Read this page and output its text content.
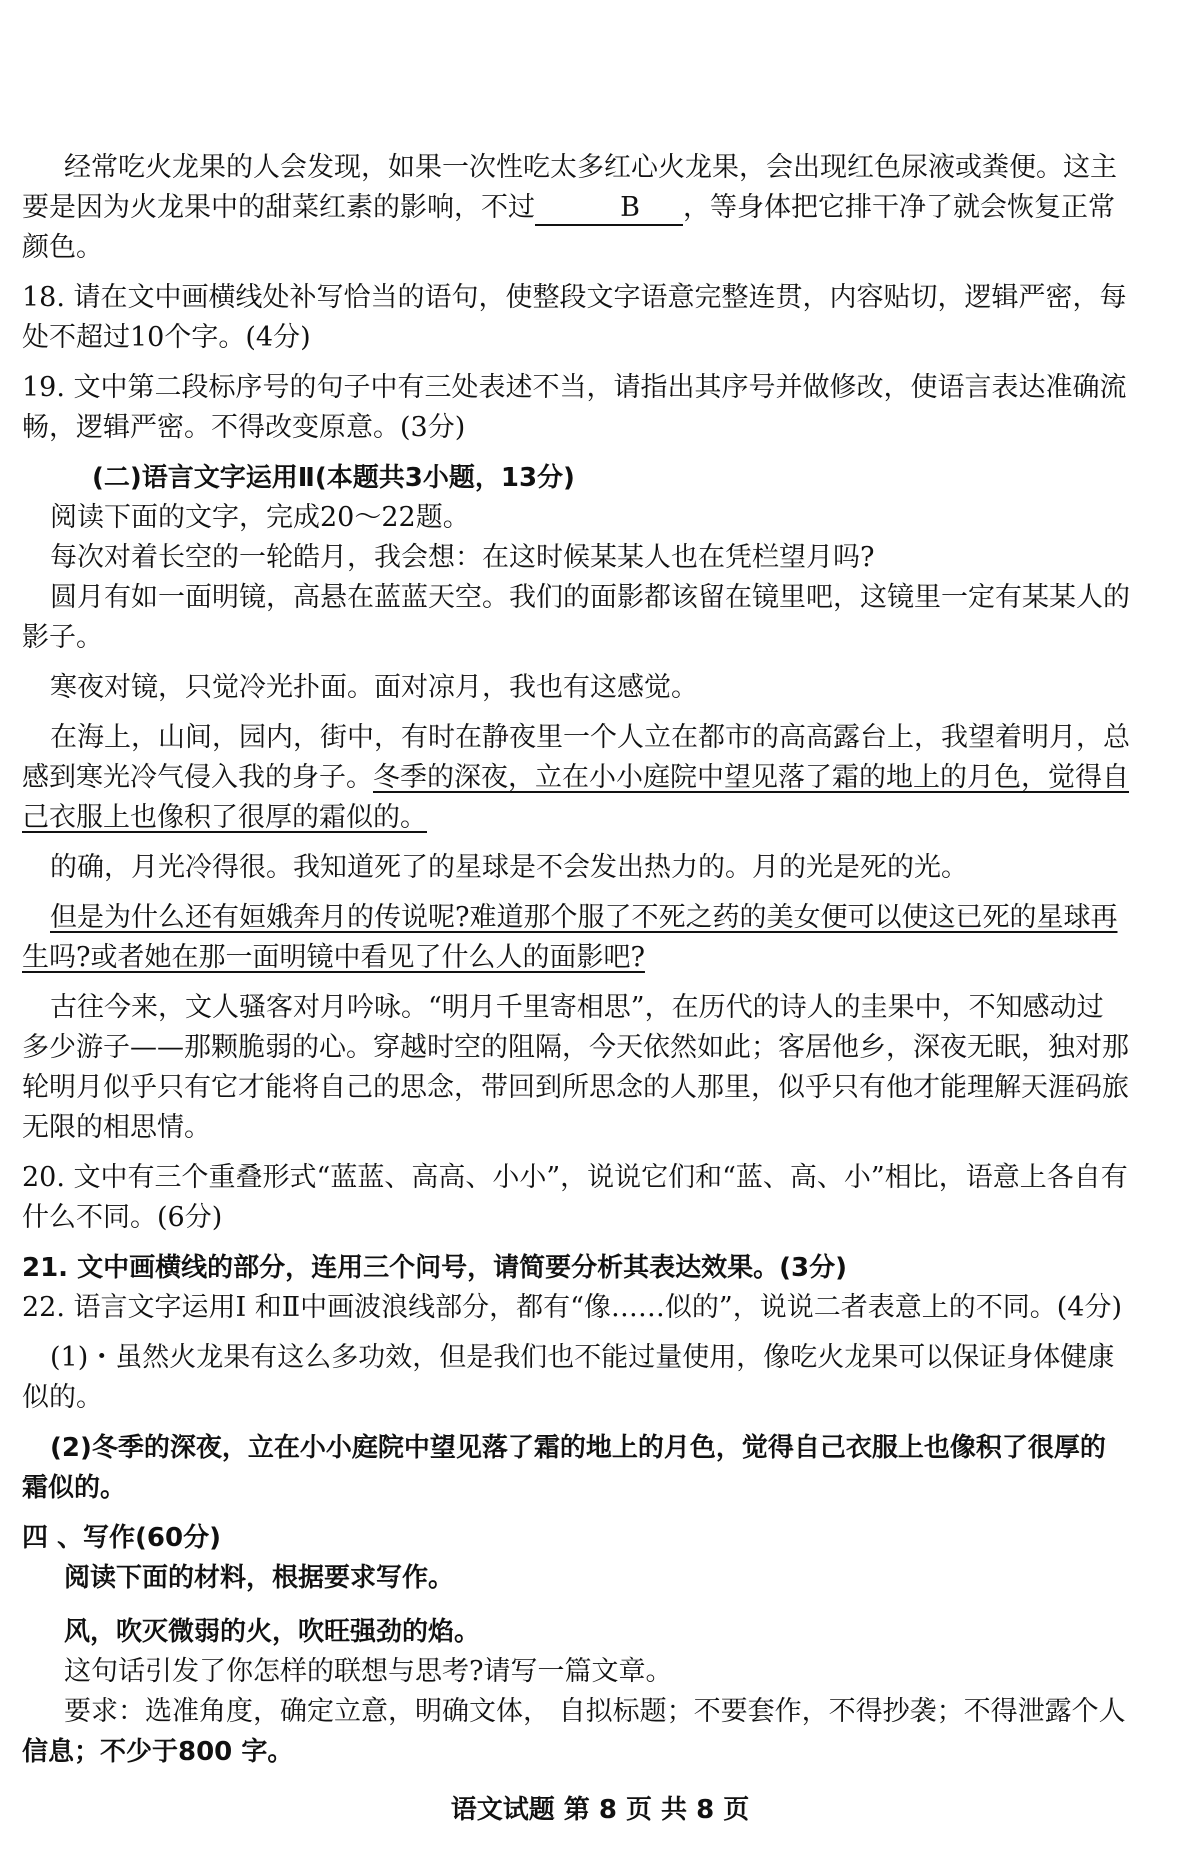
经常吃火龙果的人会发现，如果一次性吃太多红心火龙果，会出现红色尿液或粪便。这主要是因为火龙果中的甜菜红素的影响，不过	B ，等身体把它排干净了就会恢复正常颜色。

18. 请在文中画横线处补写恰当的语句，使整段文字语意完整连贯，内容贴切，逻辑严密，每处不超过10个字。(4分)

19. 文中第二段标序号的句子中有三处表述不当，请指出其序号并做修改，使语言表达准确流畅，逻辑严密。不得改变原意。(3分)

(二)语言文字运用Ⅱ(本题共3小题，13分)

阅读下面的文字，完成20～22题。

每次对着长空的一轮皓月，我会想：在这时候某某人也在凭栏望月吗?

圆月有如一面明镜，高悬在蓝蓝天空。我们的面影都该留在镜里吧，这镜里一定有某某人的影子。

寒夜对镜，只觉冷光扑面。面对凉月，我也有这感觉。

在海上，山间，园内，街中，有时在静夜里一个人立在都市的高高露台上，我望着明月，总感到寒光冷气侵入我的身子。冬季的深夜，立在小小庭院中望见落了霜的地上的月色，觉得自己衣服上也像积了很厚的霜似的。

的确，月光冷得很。我知道死了的星球是不会发出热力的。月的光是死的光。

但是为什么还有姮娥奔月的传说呢?难道那个服了不死之药的美女便可以使这已死的星球再生吗?或者她在那一面明镜中看见了什么人的面影吧?

古往今来，文人骚客对月吟咏。“明月千里寄相思”，在历代的诗人的圭果中，不知感动过多少游子——那颗脆弱的心。穿越时空的阻隔，今天依然如此；客居他乡，深夜无眠，独对那轮明月似乎只有它才能将自己的思念，带回到所思念的人那里，似乎只有他才能理解天涯码旅无限的相思情。

20. 文中有三个重叠形式“蓝蓝、高高、小小”，说说它们和“蓝、高、小”相比，语意上各自有什么不同。(6分)

21. 文中画横线的部分，连用三个问号，请简要分析其表达效果。(3分)

22. 语言文字运用I 和Ⅱ中画波浪线部分，都有“像……似的”，说说二者表意上的不同。(4分)

(1)・虽然火龙果有这么多功效，但是我们也不能过量使用，像吃火龙果可以保证身体健康似的。

(2)冬季的深夜，立在小小庭院中望见落了霜的地上的月色，觉得自己衣服上也像积了很厚的霜似的。

四 、写作(60分)

阅读下面的材料，根据要求写作。

风，吹灭微弱的火，吹旺强劲的焰。

这句话引发了你怎样的联想与思考?请写一篇文章。

要求：选准角度，确定立意，明确文体， 自拟标题；不要套作，不得抄袭；不得泄露个人

信息；不少于800 字。

语文试题 第 8 页 共 8 页
